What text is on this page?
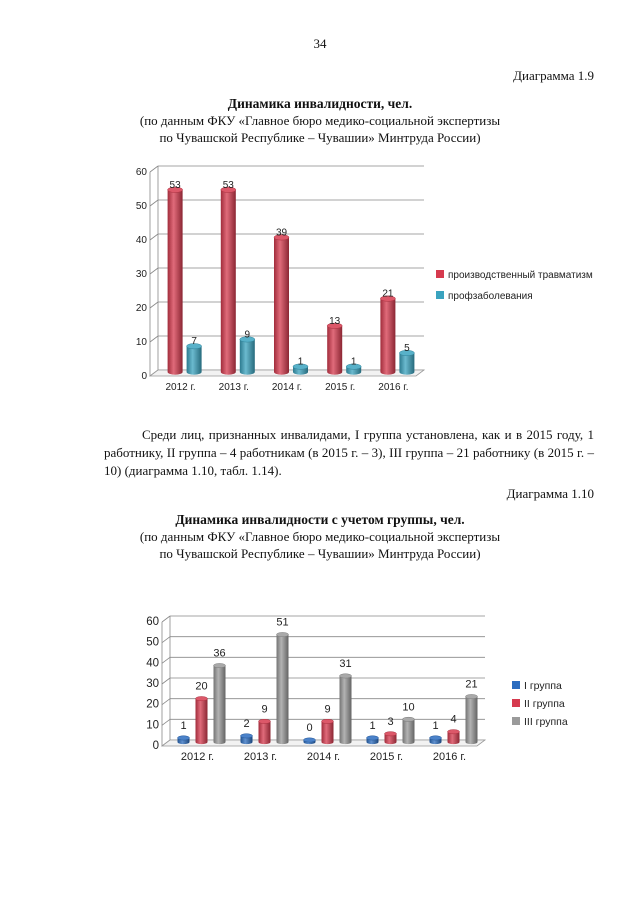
34
Диаграмма 1.9
Динамика инвалидности, чел.
(по данным ФКУ «Главное бюро медико-социальной экспертизы
по Чувашской Республике – Чувашии» Минтруда России)
0
10
20
30
40
50
60
2012 г.
53
7
2013 г.
53
9
2014 г.
39
1
2015 г.
13
1
2016 г.
21
5
производственный травматизм
профзаболевания
Среди лиц, признанных инвалидами, I группа установлена, как и в 2015 году, 1 работнику, II группа – 4 работникам (в 2015 г. – 3), III группа – 21 работнику (в 2015 г. – 10) (диаграмма 1.10, табл. 1.14).
Диаграмма 1.10
Динамика инвалидности с учетом группы, чел.
(по данным ФКУ «Главное бюро медико-социальной экспертизы
по Чувашской Республике – Чувашии» Минтруда России)
0
10
20
30
40
50
60
2012 г.
1
20
36
2013 г.
2
9
51
2014 г.
0
9
31
2015 г.
1 3
10
2016 г.
1
4
21	I группа
II группа
III группа
